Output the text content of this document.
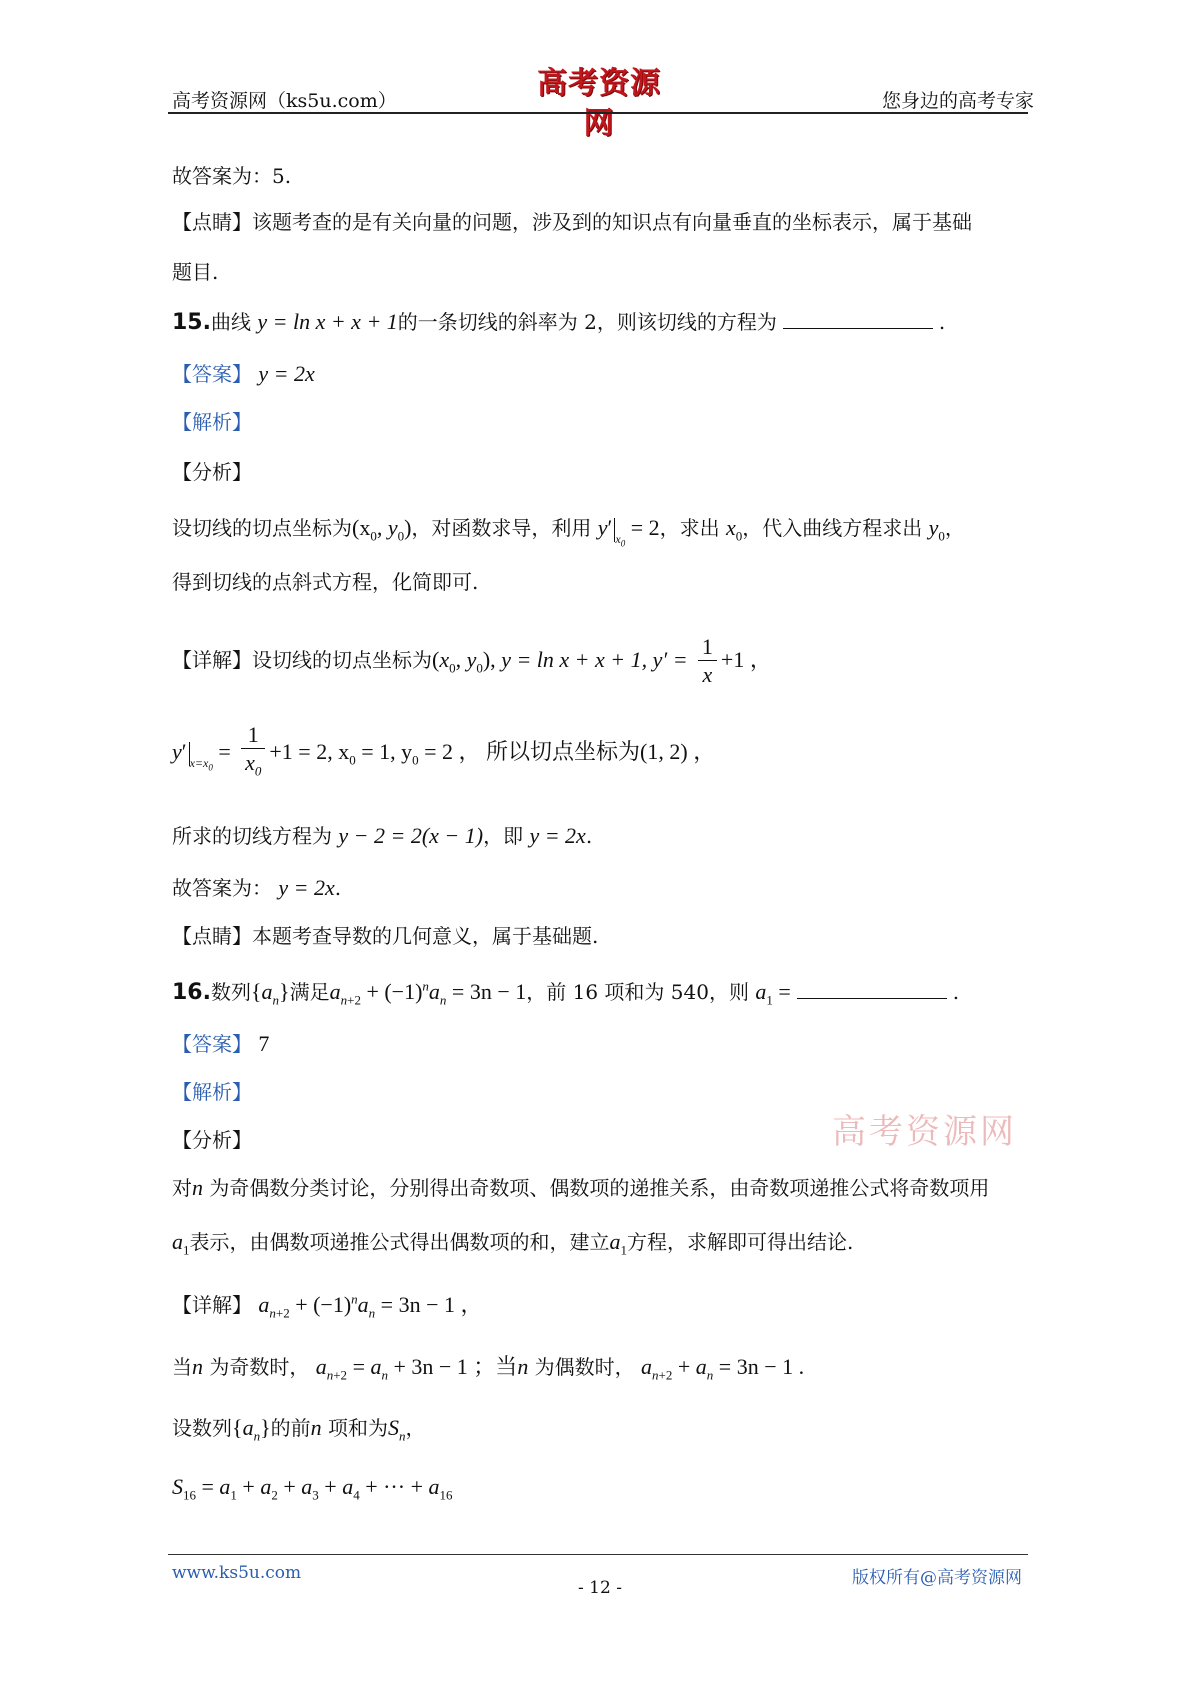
高考资源网（ks5u.com）	高考资源网
您身边的高考专家
故答案为：5.
【点睛】该题考查的是有关向量的问题，涉及到的知识点有向量垂直的坐标表示，属于基础
题目.
15.曲线 y = ln x + x + 1的一条切线的斜率为 2，则该切线的方程为	.
【答案】 y = 2x
【解析】
【分析】
设切线的切点坐标为($x_0$, $y_0$)，对函数求导，利用 y′ $_{x_0}$ = 2，求出 $x_0$，代入曲线方程求出 $y_0$，
得到切线的点斜式方程，化简即可.
【详解】设切线的切点坐标为($x_0$, $y_0$), y = ln x + x + 1, $y' = \frac{1}{x} +1$ ，
y′ $_{x=x_0} = \frac{1}{x_0} +1 = 2$, $x_0 = 1$, $y_0 = 2$ ， 所以切点坐标为(1, 2) ，
所求的切线方程为 y − 2 = 2(x − 1)，即 y = 2x.
故答案为： y = 2x.
【点睛】本题考查导数的几何意义，属于基础题.
16.数列$\{a_n\}$满足$a_{n+2} + (-1)^na_n = 3n - 1$，前 16 项和为 540，则 $a_1$ =	.
【答案】 7
【解析】
【分析】	高考资源网
对n 为奇偶数分类讨论，分别得出奇数项、偶数项的递推关系，由奇数项递推公式将奇数项用
$a_1$表示，由偶数项递推公式得出偶数项的和，建立$a_1$方程，求解即可得出结论.
【详解】 $a_{n+2} + (-1)^na_n = 3n - 1$ ，
当n 为奇数时， $a_{n+2} = a_n + 3n - 1$ ；当n 为偶数时， $a_{n+2} + a_n = 3n - 1$ .
设数列$\{a_n\}$的前n 项和为$S_n$，
$S_{16} = a_1 + a_2 + a_3 + a_4$ + ··· + $a_{16}$
www.ks5u.com
- 12 -	版权所有@高考资源网
